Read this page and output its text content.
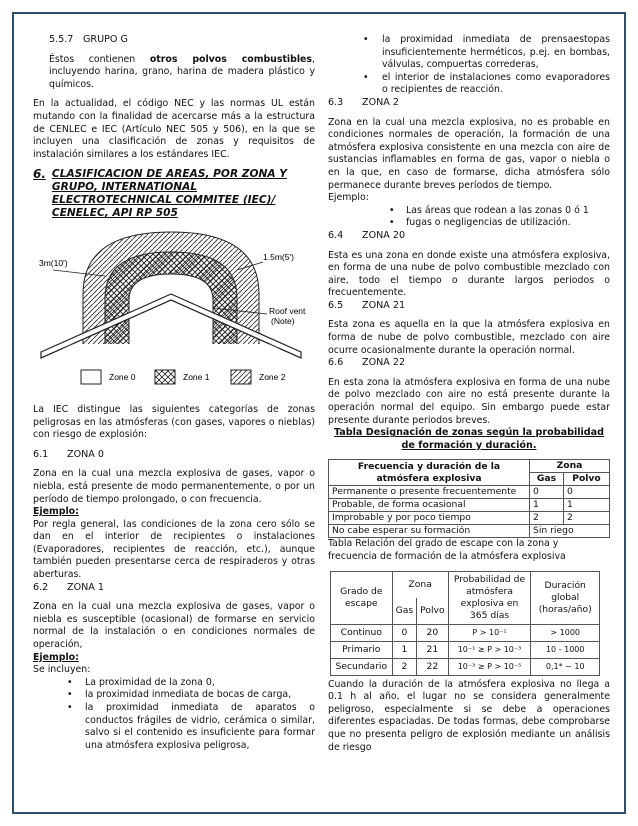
5.5.7 GRUPO G

Éstos contienen otros polvos combustibles, incluyendo harina, grano, harina de madera plástico y químicos.

En la actualidad, el código NEC y las normas UL están mutando con la finalidad de acercarse más a la estructura de CENLEC e IEC (Artículo NEC 505 y 506), en la que se incluyen una clasificación de zonas y requisitos de instalación similares a los estándares IEC.

6. CLASIFICACION DE AREAS, POR ZONA Y GRUPO, INTERNATIONAL ELECTROTECHNICAL COMMITEE (IEC)/ CENELEC, API RP 505
3m(10')
1.5m(5')
Roof vent
(Note)
Zone 0	Zone 1	Zone 2

La IEC distingue las siguientes categorías de zonas peligrosas en las atmósferas (con gases, vapores o nieblas) con riesgo de explosión:

6.1 ZONA 0

Zona en la cual una mezcla explosiva de gases, vapor o niebla, está presente de modo permanentemente, o por un período de tiempo prolongado, o con frecuencia.

Ejemplo:

Por regla general, las condiciones de la zona cero sólo se dan en el interior de recipientes o instalaciones (Evaporadores, recipientes de reacción, etc.), aunque también pueden presentarse cerca de respiraderos y otras aberturas.

6.2 ZONA 1

Zona en la cual una mezcla explosiva de gases, vapor o niebla es susceptible (ocasional) de formarse en servicio normal de la instalación o en condiciones normales de operación,

Ejemplo:

Se incluyen:

• La proximidad de la zona 0,
• la proximidad inmediata de bocas de carga,
• la proximidad inmediata de aparatos o conductos frágiles de vidrio, cerámica o similar, salvo si el contenido es insuficiente para formar una atmósfera explosiva peligrosa,
• la proximidad inmediata de prensaestopas insuficientemente herméticos, p.ej. en bombas, válvulas, compuertas correderas,
• el interior de instalaciones como evaporadores o recipientes de reacción.

6.3 ZONA 2

Zona en la cual una mezcla explosiva, no es probable en condiciones normales de operación, la formación de una atmósfera explosiva consistente en una mezcla con aire de sustancias inflamables en forma de gas, vapor o niebla o en la que, en caso de formarse, dicha atmósfera sólo permanece durante breves períodos de tiempo.

Ejemplo:

• Las áreas que rodean a las zonas 0 ó 1
• fugas o negligencias de utilización.

6.4 ZONA 20

Esta es una zona en donde existe una atmósfera explosiva, en forma de una nube de polvo combustible mezclado con aire, todo el tiempo o durante largos periodos o frecuentemente.

6.5 ZONA 21

Esta zona es aquella en la que la atmósfera explosiva en forma de nube de polvo combustible, mezclado con aire ocurre ocasionalmente durante la operación normal.

6.6 ZONA 22

En esta zona la atmósfera explosiva en forma de una nube de polvo mezclado con aire no está presente durante la operación normal del equipo. Sin embargo puede estar presente durante periodos breves.

Tabla Designación de zonas según la probabilidad de formación y duración.

Frecuencia y duración de la atmósfera explosiva	Zona	
	Gas	Polvo
Permanente o presente frecuentemente	0	0
Probable, de forma ocasional	1	1
Improbable y por poco tiempo	2	2
No cabe esperar su formación	Sin riego	

Tabla Relación del grado de escape con la zona y frecuencia de formación de la atmósfera explosiva

Grado de escape	Zona		Probabilidad de atmósfera explosiva en 365 días	Duración global (horas/año)
	Gas	Polvo		
Continuo	0	20	P > 10⁻¹	> 1000
Primario	1	21	10⁻¹ ≥ P > 10⁻³	10 - 1000
Secundario	2	22	10⁻³ ≥ P > 10⁻⁵	0,1* − 10

Cuando la duración de la atmósfera explosiva no llega a 0.1 h al año, el lugar no se considera generalmente peligroso, especialmente si se debe a operaciones diferentes espaciadas. De todas formas, debe comprobarse que no presenta peligro de explosión mediante un análisis de riesgo
